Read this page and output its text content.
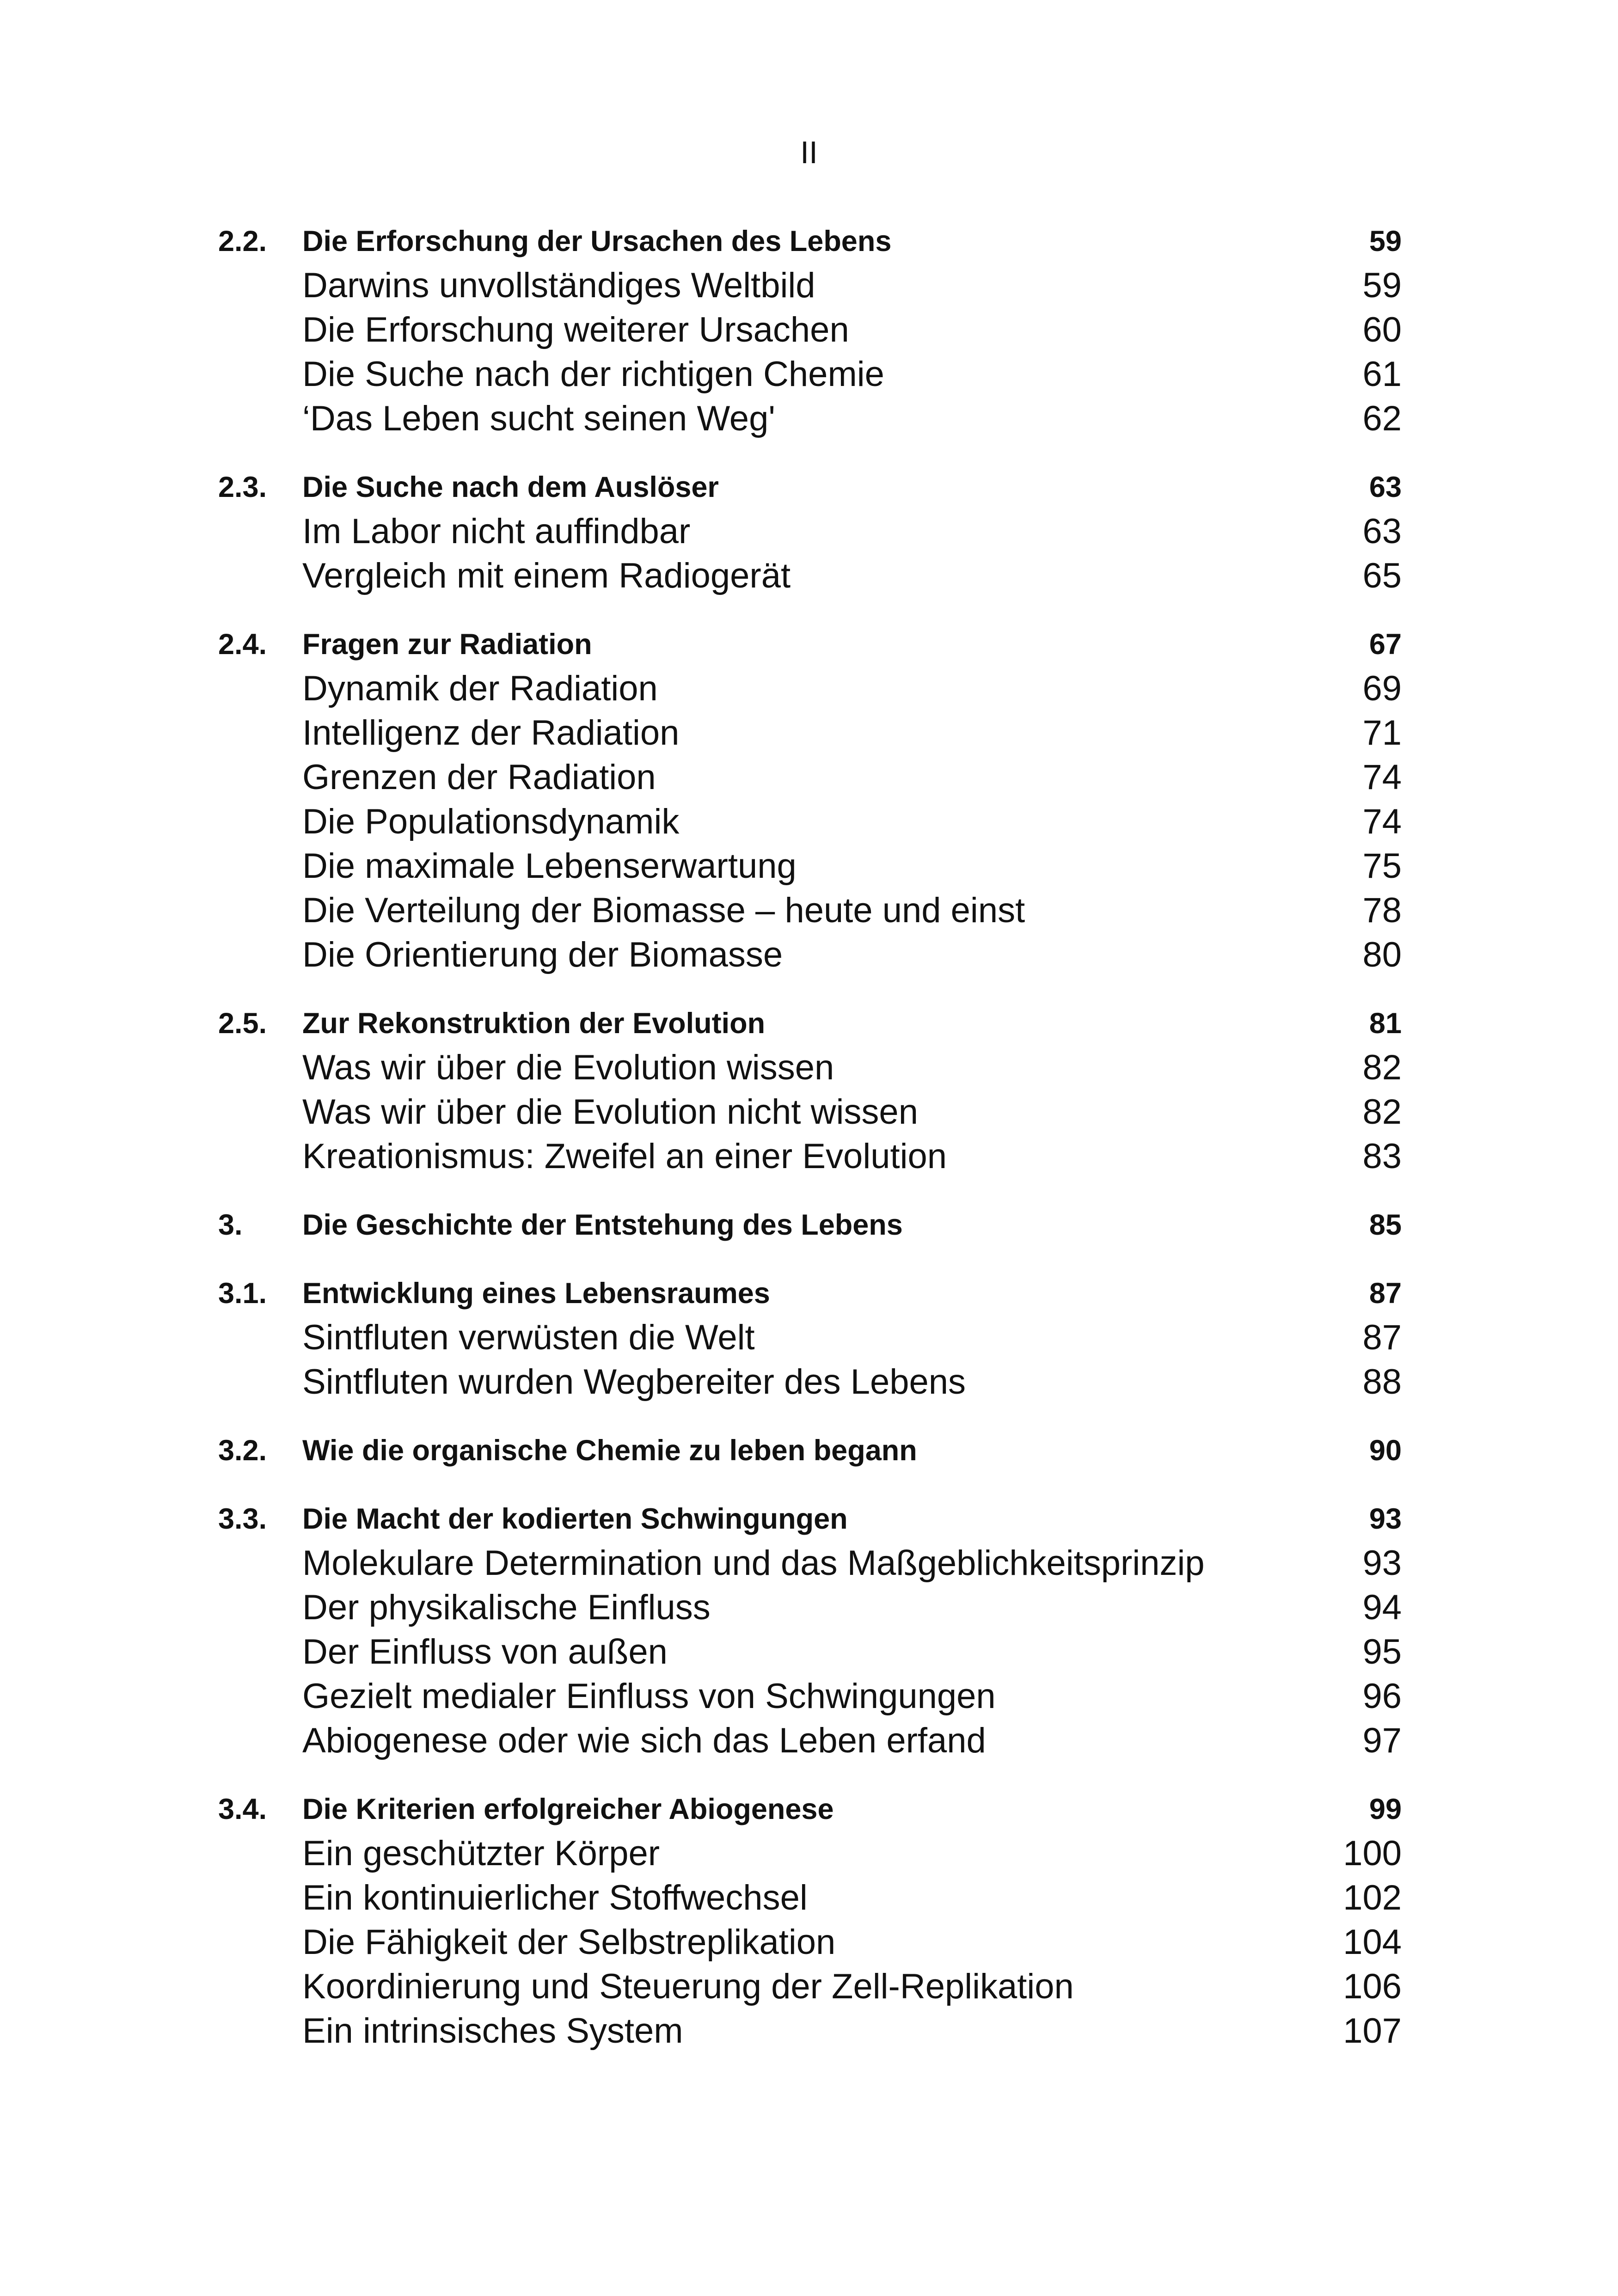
II
2.2.	Die Erforschung der Ursachen des Lebens	59
Darwins unvollständiges Weltbild	59
Die Erforschung weiterer Ursachen	60
Die Suche nach der richtigen Chemie	61
‘Das Leben sucht seinen Weg'	62
2.3.	Die Suche nach dem Auslöser	63
Im Labor nicht auffindbar	63
Vergleich mit einem Radiogerät	65
2.4.	Fragen zur Radiation	67
Dynamik der Radiation	69
Intelligenz der Radiation	71
Grenzen der Radiation	74
Die Populationsdynamik	74
Die maximale Lebenserwartung	75
Die Verteilung der Biomasse – heute und einst	78
Die Orientierung der Biomasse	80
2.5.	Zur Rekonstruktion der Evolution	81
Was wir über die Evolution wissen	82
Was wir über die Evolution nicht wissen	82
Kreationismus: Zweifel an einer Evolution	83
3.	Die Geschichte der Entstehung des Lebens	85
3.1.	Entwicklung eines Lebensraumes	87
Sintfluten verwüsten die Welt	87
Sintfluten wurden Wegbereiter des Lebens	88
3.2.	Wie die organische Chemie zu leben begann	90
3.3.	Die Macht der kodierten Schwingungen	93
Molekulare Determination und das Maßgeblichkeitsprinzip	93
Der physikalische Einfluss	94
Der Einfluss von außen	95
Gezielt medialer Einfluss von Schwingungen	96
Abiogenese oder wie sich das Leben erfand	97
3.4.	Die Kriterien erfolgreicher Abiogenese	99
Ein geschützter Körper	100
Ein kontinuierlicher Stoffwechsel	102
Die Fähigkeit der Selbstreplikation	104
Koordinierung und Steuerung der Zell-Replikation	106
Ein intrinsisches System	107
